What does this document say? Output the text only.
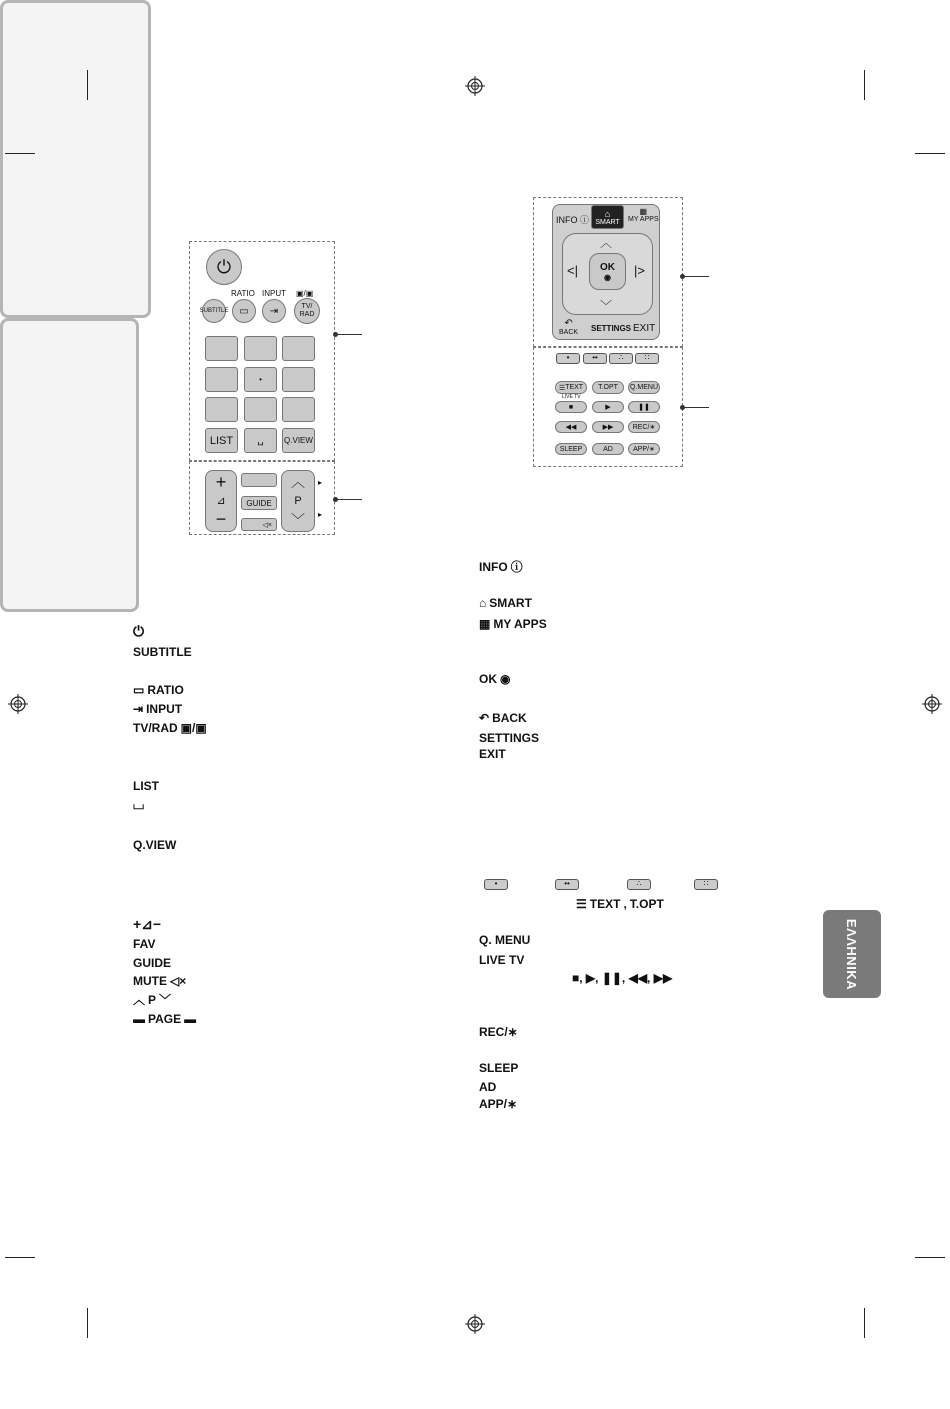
⏻
RATIO INPUT ▣/▣
SUBTITLE	▭	⇥	TV/
RAD
•
LIST	␣	Q.VIEW
+
⊿
−
GUIDE
◁×
︿
P
﹀
▸
▸
INFO ⓘ
⌂
SMART
▦
MY APPS
︿
﹀
<|	|>
OK
◉
↶
BACK SETTINGS EXIT
•	••	∴	∷
☰ TEXT	T.OPT	Q.MENU
LIVE TV
■	▶	❚❚
◀◀	▶▶	REC/∗
SLEEP	AD	APP/∗
⏻
SUBTITLE
▭ RATIO
⇥ INPUT
TV/RAD ▣/▣
LIST
⌴
Q.VIEW
+⊿−
FAV
GUIDE
MUTE ◁×
︿ P ﹀
▬ PAGE ▬
INFO ⓘ
⌂ SMART
▦ MY APPS
OK ◉
↶ BACK
SETTINGS
EXIT
•	••	∴	∷
☰ TEXT , T.OPT
Q. MENU
LIVE TV
■, ▶, ❚❚, ◀◀, ▶▶
REC/∗
SLEEP
AD
APP/∗
ΕΛΛΗΝΙΚΑ
